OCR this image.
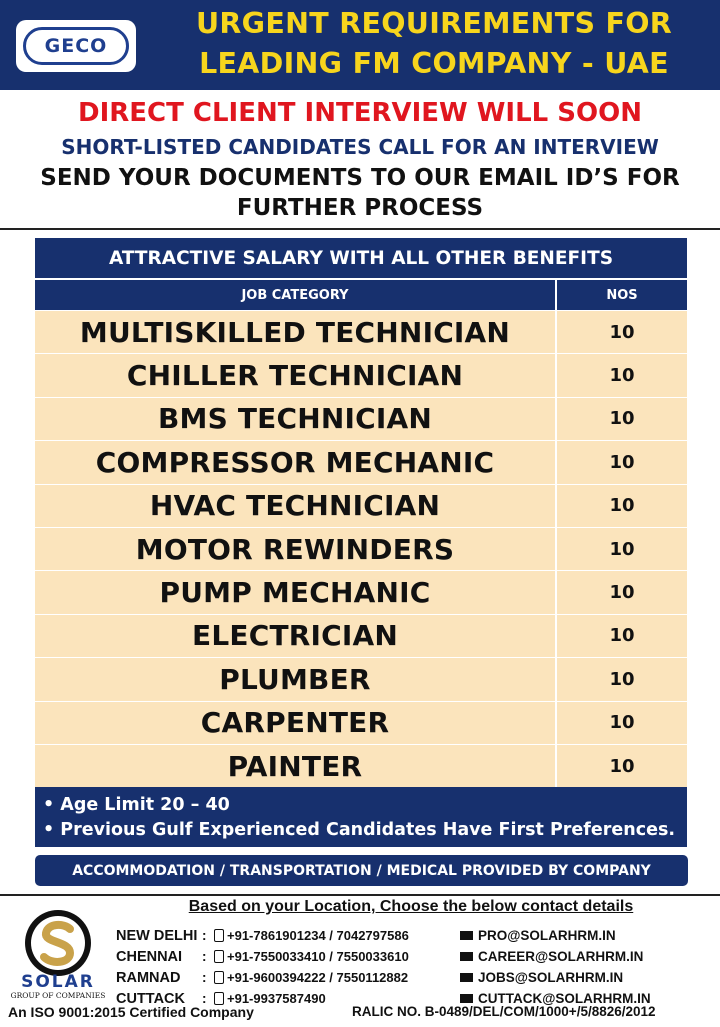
GECO
URGENT REQUIREMENTS FOR
LEADING FM COMPANY - UAE
DIRECT CLIENT INTERVIEW WILL SOON
SHORT-LISTED CANDIDATES CALL FOR AN INTERVIEW
SEND YOUR DOCUMENTS TO OUR EMAIL ID’S FOR
FURTHER PROCESS
ATTRACTIVE SALARY WITH ALL OTHER BENEFITS
JOB CATEGORY	NOS
MULTISKILLED TECHNICIAN	10
CHILLER TECHNICIAN	10
BMS TECHNICIAN	10
COMPRESSOR MECHANIC	10
HVAC TECHNICIAN	10
MOTOR REWINDERS	10
PUMP MECHANIC	10
ELECTRICIAN	10
PLUMBER	10
CARPENTER	10
PAINTER	10
• Age Limit 20 – 40
• Previous Gulf Experienced Candidates Have First Preferences.
ACCOMMODATION / TRANSPORTATION / MEDICAL PROVIDED BY COMPANY
Based on your Location, Choose the below contact details
SOLAR
GROUP OF COMPANIES
NEW DELHI :	+91-7861901234 / 7042797586	PRO@SOLARHRM.IN
CHENNAI	:	+91-7550033410 / 7550033610	CAREER@SOLARHRM.IN
RAMNAD	:	+91-9600394222 / 7550112882	JOBS@SOLARHRM.IN
CUTTACK	:	+91-9937587490	CUTTACK@SOLARHRM.IN
An ISO 9001:2015 Certified Company	RALIC NO. B-0489/DEL/COM/1000+/5/8826/2012
